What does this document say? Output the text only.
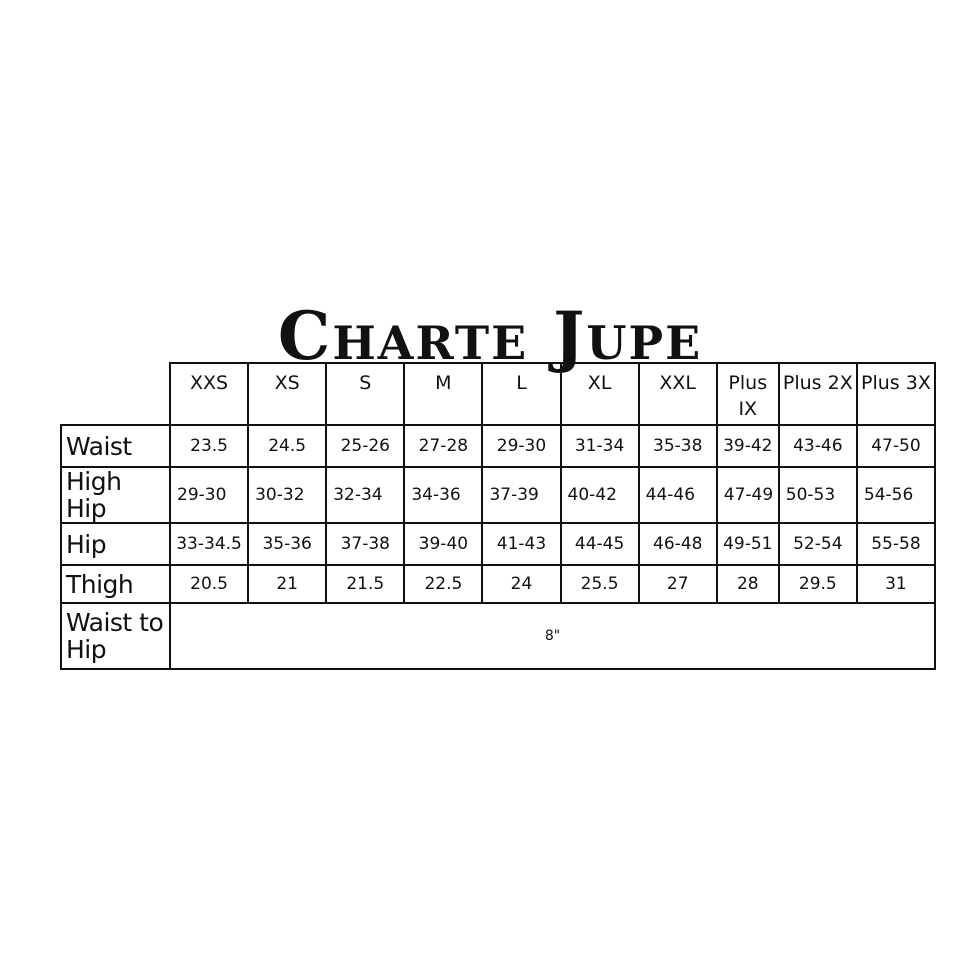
Charte Jupe
	XXS	XS	S	M	L	XL	XXL	Plus IX	Plus 2X	Plus 3X
Waist	23.5	24.5	25-26	27-28	29-30	31-34	35-38	39-42	43-46	47-50
High Hip	29-30	30-32	32-34	34-36	37-39	40-42	44-46	47-49	50-53	54-56
Hip	33-34.5	35-36	37-38	39-40	41-43	44-45	46-48	49-51	52-54	55-58
Thigh	20.5	21	21.5	22.5	24	25.5	27	28	29.5	31
Waist to Hip	8"									
